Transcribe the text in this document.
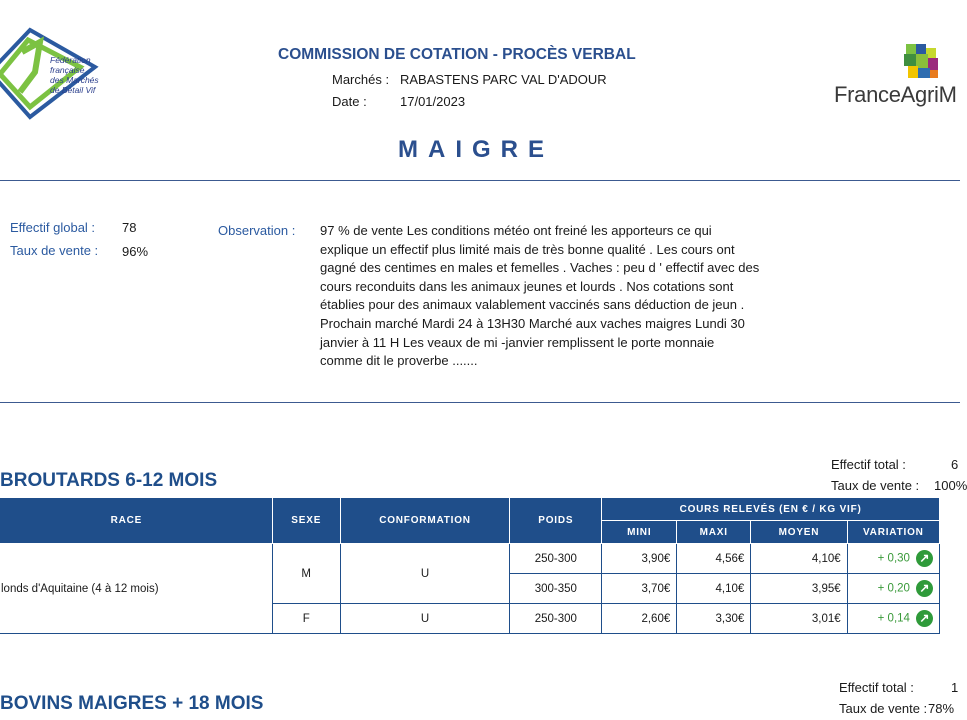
Fédération
française
des Marchés
de Bétail Vif	FranceAgriM
COMMISSION DE COTATION - PROCÈS VERBAL
Marchés : RABASTENS PARC VAL D'ADOUR
Date :	17/01/2023
MAIGRE
Effectif global : 78
Taux de vente : 96%
Observation : 97 % de vente Les conditions météo ont freiné les apporteurs ce qui explique un effectif plus limité mais de très bonne qualité . Les cours ont gagné des centimes en males et femelles . Vaches : peu d ' effectif avec des cours reconduits dans les animaux jeunes et lourds . Nos cotations sont établies pour des animaux valablement vaccinés sans déduction de jeun . Prochain marché Mardi 24 à 13H30 Marché aux vaches maigres Lundi 30 janvier à 11 H Les veaux de mi -janvier remplissent le porte monnaie comme dit le proverbe .......
BROUTARDS 6-12 MOIS
Effectif total :	6
Taux de vente : 100%
RACE	SEXE	CONFORMATION	POIDS	COURS RELEVÉS (EN € / KG VIF)			
				MINI	MAXI	MOYEN	VARIATION
londs d'Aquitaine (4 à 12 mois)	M	U	250-300	3,90€	4,56€	4,10€	+ 0,30 ↗
			300-350	3,70€	4,10€	3,95€	+ 0,20 ↗
	F	U	250-300	2,60€	3,30€	3,01€	+ 0,14 ↗
BOVINS MAIGRES + 18 MOIS
Effectif total :	1
Taux de vente : 78%
